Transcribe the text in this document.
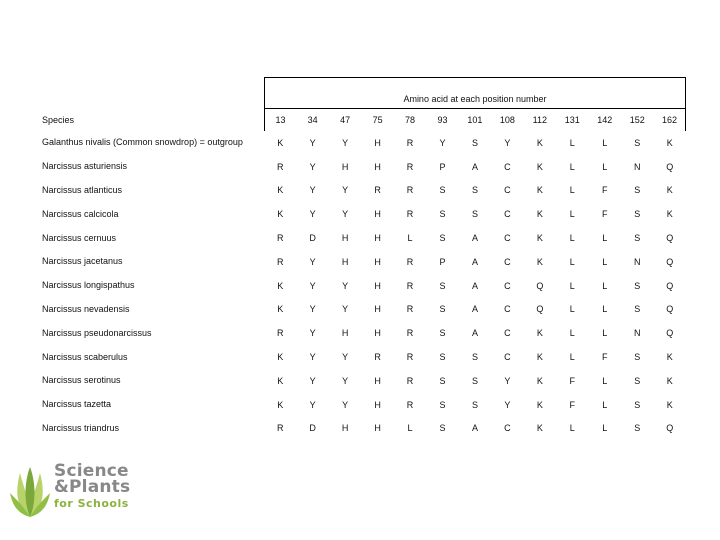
	Amino acid at each position number												
Species	13	34	47	75	78	93	101	108	112	131	142	152	162
Galanthus nivalis (Common snowdrop) = outgroup	K	Y	Y	H	R	Y	S	Y	K	L	L	S	K
Narcissus asturiensis	R	Y	H	H	R	P	A	C	K	L	L	N	Q
Narcissus atlanticus	K	Y	Y	R	R	S	S	C	K	L	F	S	K
Narcissus calcicola	K	Y	Y	H	R	S	S	C	K	L	F	S	K
Narcissus cernuus	R	D	H	H	L	S	A	C	K	L	L	S	Q
Narcissus jacetanus	R	Y	H	H	R	P	A	C	K	L	L	N	Q
Narcissus longispathus	K	Y	Y	H	R	S	A	C	Q	L	L	S	Q
Narcissus nevadensis	K	Y	Y	H	R	S	A	C	Q	L	L	S	Q
Narcissus pseudonarcissus	R	Y	H	H	R	S	A	C	K	L	L	N	Q
Narcissus scaberulus	K	Y	Y	R	R	S	S	C	K	L	F	S	K
Narcissus serotinus	K	Y	Y	H	R	S	S	Y	K	F	L	S	K
Narcissus tazetta	K	Y	Y	H	R	S	S	Y	K	F	L	S	K
Narcissus triandrus	R	D	H	H	L	S	A	C	K	L	L	S	Q
Science
&Plants
for Schools
